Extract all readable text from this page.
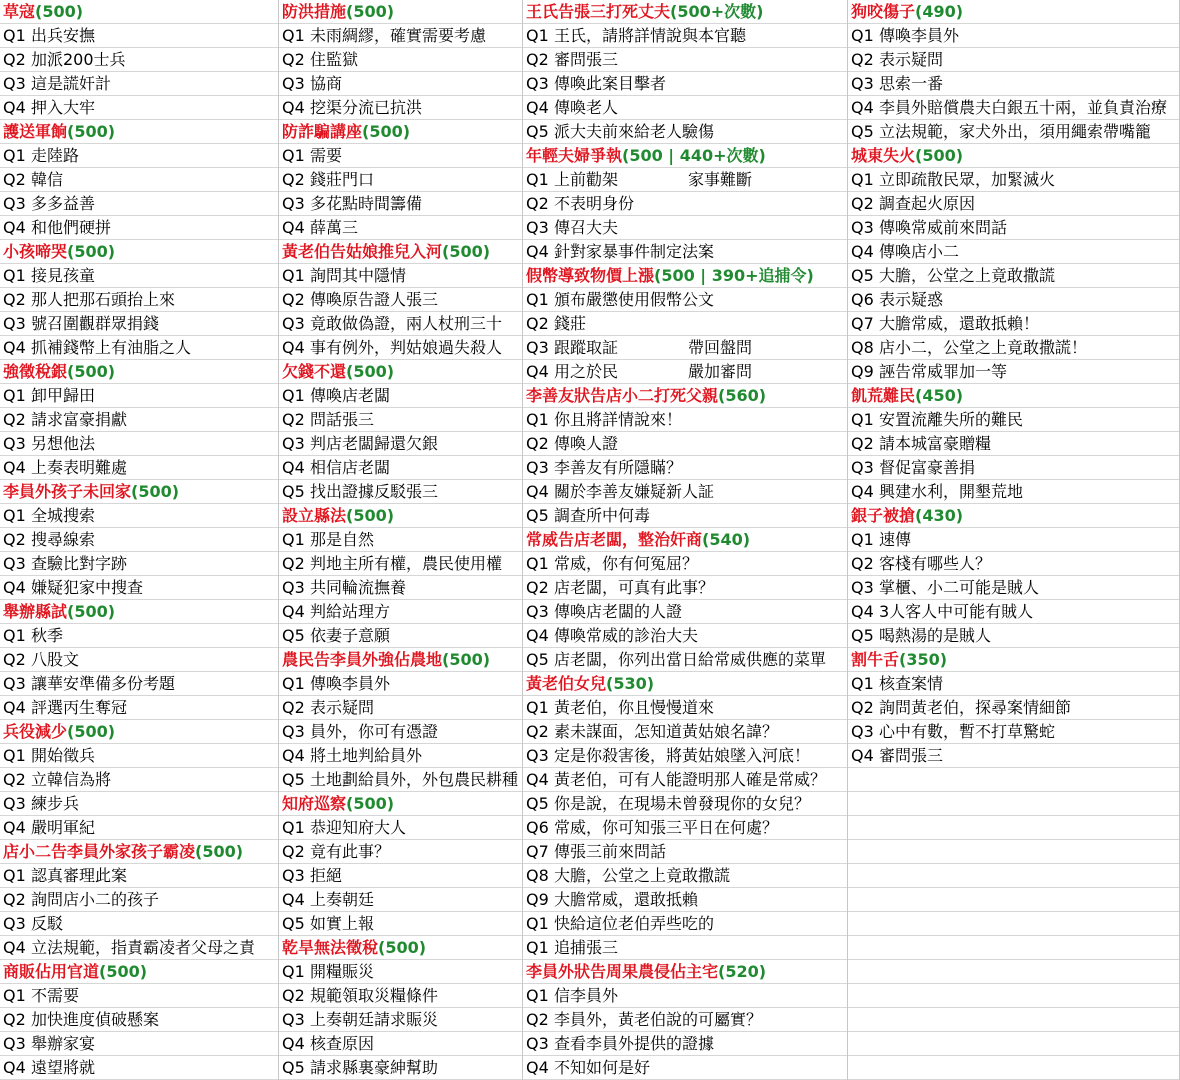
草寇(500)
Q1 出兵安撫
Q2 加派200士兵
Q3 這是謊奸計
Q4 押入大牢
護送軍餉(500)
Q1 走陸路
Q2 韓信
Q3 多多益善
Q4 和他們硬拼
小孩啼哭(500)
Q1 接見孩童
Q2 那人把那石頭抬上來
Q3 號召圍觀群眾捐錢
Q4 抓補錢幣上有油脂之人
強徵稅銀(500)
Q1 卸甲歸田
Q2 請求富豪捐獻
Q3 另想他法
Q4 上奏表明難處
李員外孩子未回家(500)
Q1 全城搜索
Q2 搜尋線索
Q3 查驗比對字跡
Q4 嫌疑犯家中搜查
舉辦縣試(500)
Q1 秋季
Q2 八股文
Q3 讓華安準備多份考題
Q4 評選丙生奪冠
兵役減少(500)
Q1 開始徵兵
Q2 立韓信為將
Q3 練步兵
Q4 嚴明軍紀
店小二告李員外家孩子霸凌(500)
Q1 認真審理此案
Q2 詢問店小二的孩子
Q3 反駁
Q4 立法規範，指責霸凌者父母之責
商販佔用官道(500)
Q1 不需要
Q2 加快進度偵破懸案
Q3 舉辦家宴
Q4 遠望將就
防洪措施(500)
Q1 未雨綢繆，確實需要考慮
Q2 住監獄
Q3 協商
Q4 挖渠分流已抗洪
防詐騙講座(500)
Q1 需要
Q2 錢莊門口
Q3 多花點時間籌備
Q4 薛萬三
黃老伯告姑娘推兒入河(500)
Q1 詢問其中隱情
Q2 傳喚原告證人張三
Q3 竟敢做偽證，兩人杖刑三十
Q4 事有例外，判姑娘過失殺人
欠錢不還(500)
Q1 傳喚店老闆
Q2 問話張三
Q3 判店老闆歸還欠銀
Q4 相信店老闆
Q5 找出證據反駁張三
設立縣法(500)
Q1 那是自然
Q2 判地主所有權，農民使用權
Q3 共同輪流撫養
Q4 判給站理方
Q5 依妻子意願
農民告李員外強佔農地(500)
Q1 傳喚李員外
Q2 表示疑問
Q3 員外，你可有憑證
Q4 將土地判給員外
Q5 土地劃給員外，外包農民耕種
知府巡察(500)
Q1 恭迎知府大人
Q2 竟有此事？
Q3 拒絕
Q4 上奏朝廷
Q5 如實上報
乾旱無法徵稅(500)
Q1 開糧賑災
Q2 規範領取災糧條件
Q3 上奏朝廷請求賑災
Q4 核查原因
Q5 請求縣裏豪紳幫助
王氏告張三打死丈夫(500+次數)
Q1 王氏，請將詳情說與本官聽
Q2 審問張三
Q3 傳喚此案目擊者
Q4 傳喚老人
Q5 派大夫前來給老人驗傷
年輕夫婦爭執(500 | 440+次數)
Q1 上前勸架	家事難斷
Q2 不表明身份
Q3 傳召大夫
Q4 針對家暴事件制定法案
假幣導致物價上漲(500 | 390+追捕令)
Q1 頒布嚴懲使用假幣公文
Q2 錢莊
Q3 跟蹤取証	帶回盤問
Q4 用之於民	嚴加審問
李善友狀告店小二打死父親(560)
Q1 你且將詳情說來！
Q2 傳喚人證
Q3 李善友有所隱瞞？
Q4 關於李善友嫌疑新人証
Q5 調查所中何毒
常威告店老闆，整治奸商(540)
Q1 常威，你有何冤屈？
Q2 店老闆，可真有此事？
Q3 傳喚店老闆的人證
Q4 傳喚常威的診治大夫
Q5 店老闆，你列出當日給常威供應的菜單
黃老伯女兒(530)
Q1 黃老伯，你且慢慢道來
Q2 素未謀面，怎知道黃姑娘名諱？
Q3 定是你殺害後，將黃姑娘墜入河底！
Q4 黃老伯，可有人能證明那人確是常威？
Q5 你是說，在現場未曾發現你的女兒？
Q6 常威，你可知張三平日在何處？
Q7 傳張三前來問話
Q8 大膽，公堂之上竟敢撒謊
Q9 大膽常威，還敢抵賴
Q1 快給這位老伯弄些吃的
Q1 追捕張三
李員外狀告周果農侵佔主宅(520)
Q1 信李員外
Q2 李員外，黃老伯說的可屬實？
Q3 查看李員外提供的證據
Q4 不知如何是好
狗咬傷子(490)
Q1 傳喚李員外
Q2 表示疑問
Q3 思索一番
Q4 李員外賠償農夫白銀五十兩，並負責治療
Q5 立法規範，家犬外出，須用繩索帶嘴籠
城東失火(500)
Q1 立即疏散民眾，加緊滅火
Q2 調查起火原因
Q3 傳喚常威前來問話
Q4 傳喚店小二
Q5 大膽，公堂之上竟敢撒謊
Q6 表示疑惑
Q7 大膽常威，還敢抵賴！
Q8 店小二，公堂之上竟敢撒謊！
Q9 誣告常威罪加一等
飢荒難民(450)
Q1 安置流離失所的難民
Q2 請本城富豪贈糧
Q3 督促富豪善捐
Q4 興建水利，開墾荒地
銀子被搶(430)
Q1 速傳
Q2 客棧有哪些人？
Q3 掌櫃、小二可能是賊人
Q4 3人客人中可能有賊人
Q5 喝熱湯的是賊人
割牛舌(350)
Q1 核查案情
Q2 詢問黃老伯，探尋案情細節
Q3 心中有數，暫不打草驚蛇
Q4 審問張三
